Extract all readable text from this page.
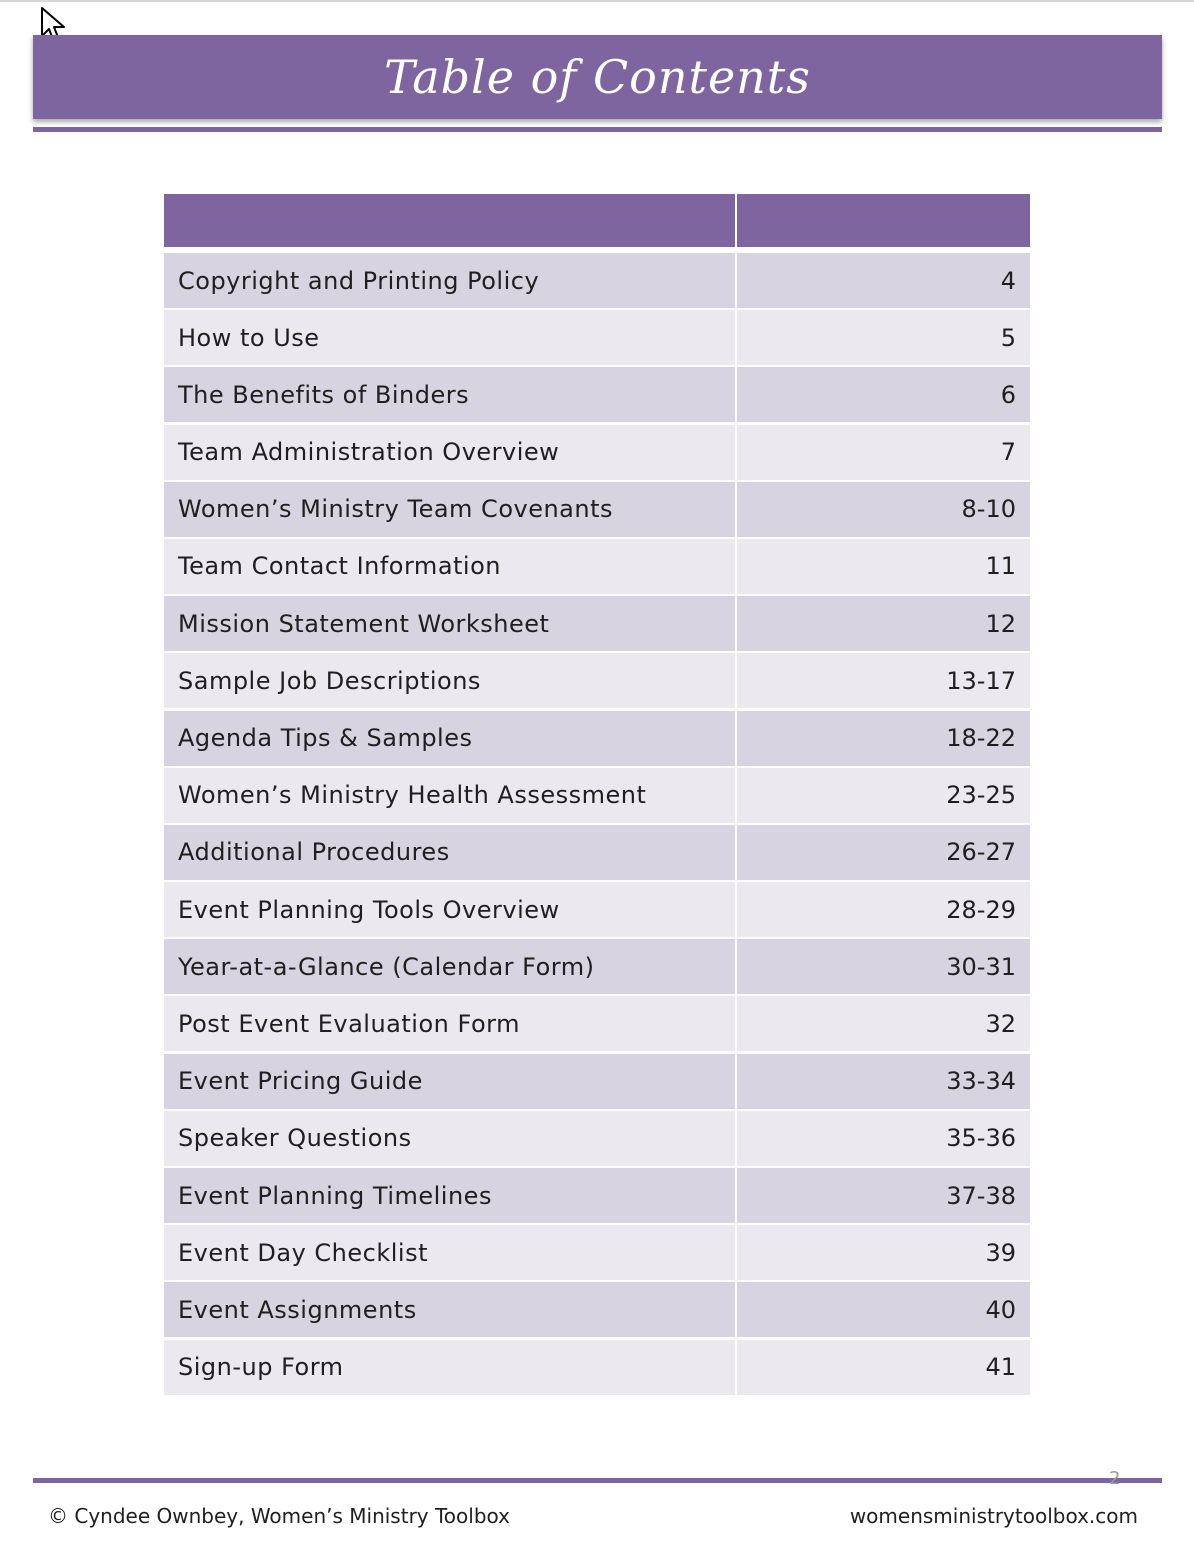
Table of Contents
Copyright and Printing Policy	4
How to Use	5
The Benefits of Binders	6
Team Administration Overview	7
Women’s Ministry Team Covenants	8-10
Team Contact Information	11
Mission Statement Worksheet	12
Sample Job Descriptions	13-17
Agenda Tips & Samples	18-22
Women’s Ministry Health Assessment	23-25
Additional Procedures	26-27
Event Planning Tools Overview	28-29
Year-at-a-Glance (Calendar Form)	30-31
Post Event Evaluation Form	32
Event Pricing Guide	33-34
Speaker Questions	35-36
Event Planning Timelines	37-38
Event Day Checklist	39
Event Assignments	40
Sign-up Form	41
2
© Cyndee Ownbey, Women’s Ministry Toolbox	womensministrytoolbox.com
